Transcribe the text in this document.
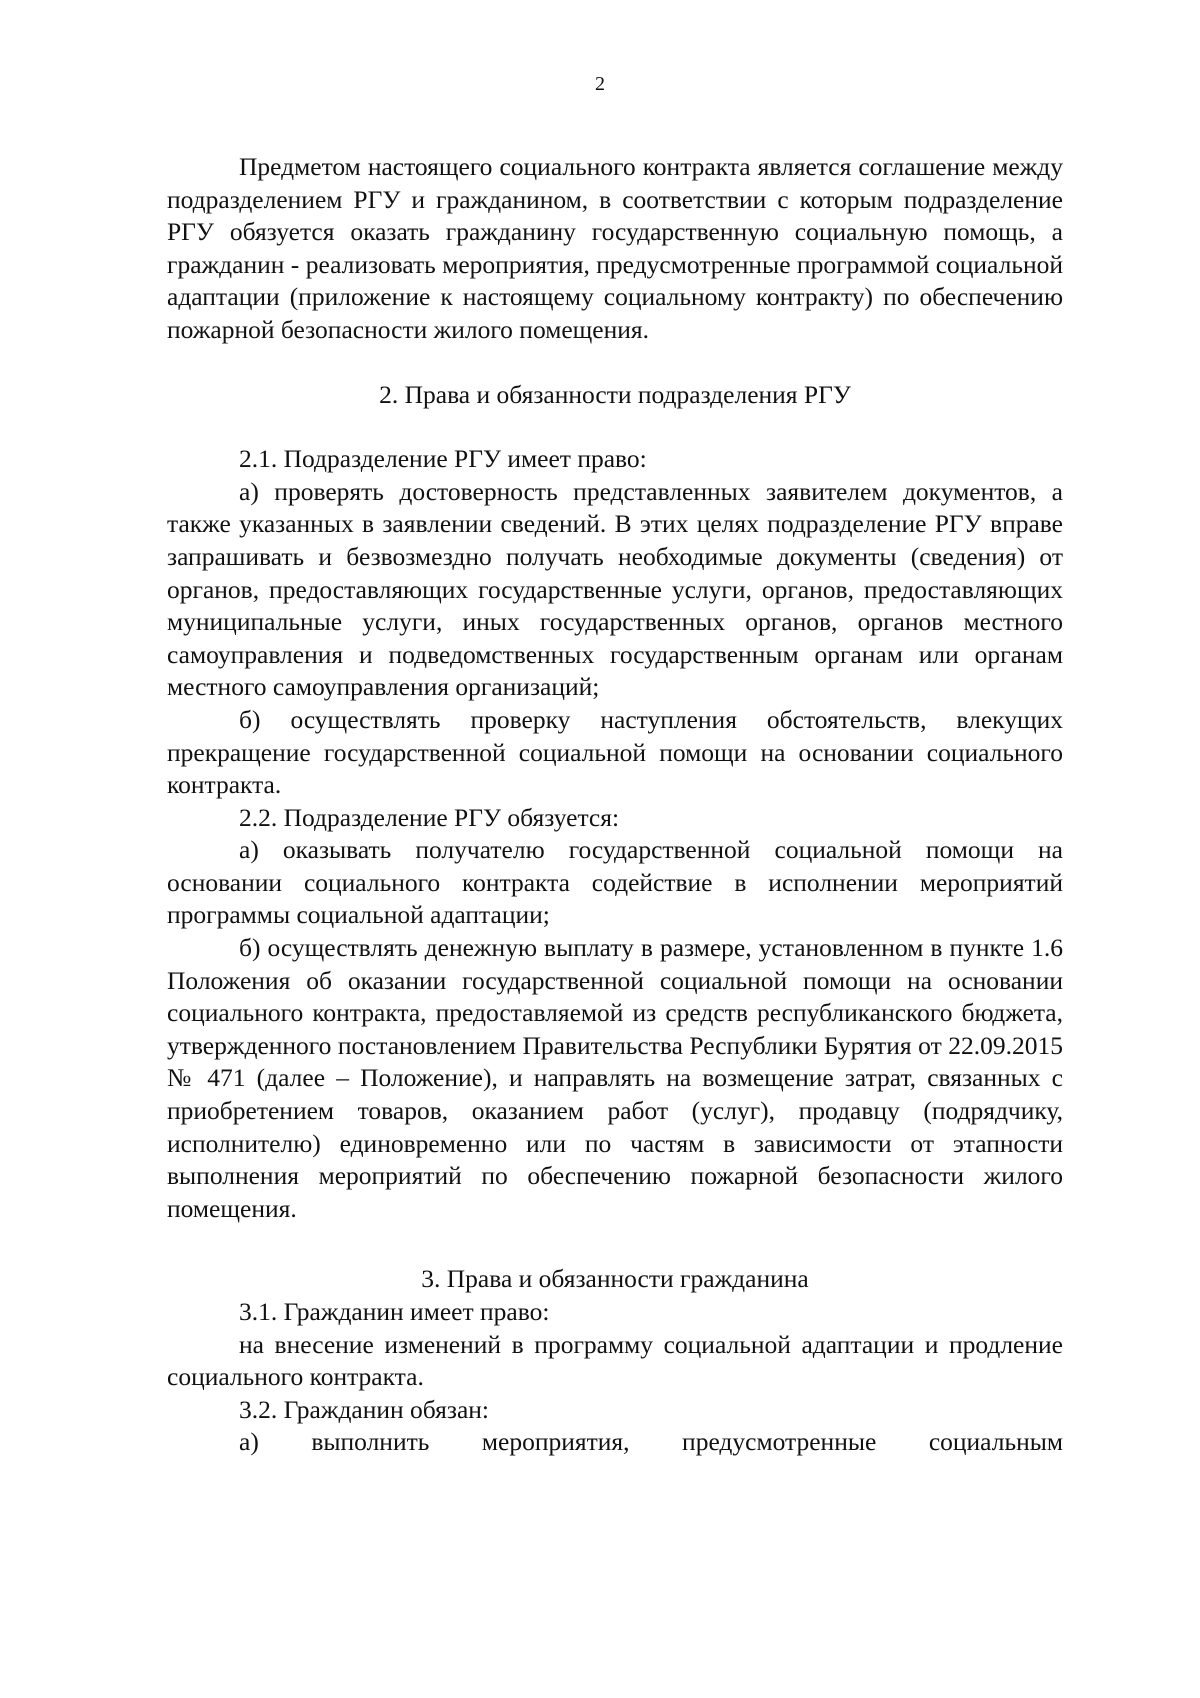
2

Предметом настоящего социального контракта является соглашение между подразделением РГУ и гражданином, в соответствии с которым подразделение РГУ обязуется оказать гражданину государственную социальную помощь, а гражданин - реализовать мероприятия, предусмотренные программой социальной адаптации (приложение к настоящему социальному контракту) по обеспечению пожарной безопасности жилого помещения.

2. Права и обязанности подразделения РГУ

2.1. Подразделение РГУ имеет право:

а) проверять достоверность представленных заявителем документов, а также указанных в заявлении сведений. В этих целях подразделение РГУ вправе запрашивать и безвозмездно получать необходимые документы (сведения) от органов, предоставляющих государственные услуги, органов, предоставляющих муниципальные услуги, иных государственных органов, органов местного самоуправления и подведомственных государственным органам или органам местного самоуправления организаций;

б) осуществлять проверку наступления обстоятельств, влекущих прекращение государственной социальной помощи на основании социального контракта.

2.2. Подразделение РГУ обязуется:

а) оказывать получателю государственной социальной помощи на основании социального контракта содействие в исполнении мероприятий программы социальной адаптации;

б) осуществлять денежную выплату в размере, установленном в пункте 1.6 Положения об оказании государственной социальной помощи на основании социального контракта, предоставляемой из средств республиканского бюджета, утвержденного постановлением Правительства Республики Бурятия от 22.09.2015 № 471 (далее – Положение), и направлять на возмещение затрат, связанных с приобретением товаров, оказанием работ (услуг), продавцу (подрядчику, исполнителю) единовременно или по частям в зависимости от этапности выполнения мероприятий по обеспечению пожарной безопасности жилого помещения.

3. Права и обязанности гражданина

3.1. Гражданин имеет право:

на внесение изменений в программу социальной адаптации и продление социального контракта.

3.2. Гражданин обязан:

а) выполнить мероприятия, предусмотренные социальным
